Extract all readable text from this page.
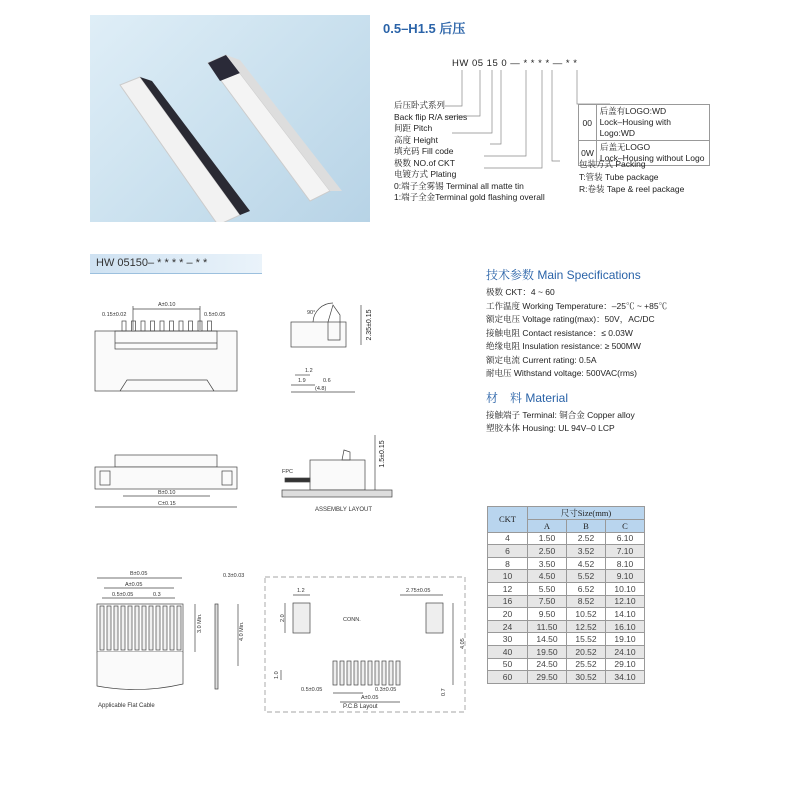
0.5–H1.5 后压
HW 05 15 0 — * * * * — * *
后压卧式系列
Back flip R/A series
间距 Pitch
高度 Height
填充码 Fill code
极数 NO.of CKT
电镀方式 Plating
0:端子全雾锡 Terminal all matte tin
1:端子全金Terminal gold flashing overall
00
后盖有LOGO:WD
Lock–Housing with Logo:WD
0W
后盖无LOGO
Lock–Housing without Logo
包装方式 Packing
T:管装 Tube package
R:卷装 Tape & reel package
HW 05150– * * * * – * *
技术参数 Main Specifications
极数 CKT：4 ~ 60
工作温度 Working Temperature：–25℃ ~ +85℃
额定电压 Voltage rating(max)：50V，AC/DC
接触电阻 Contact resistance：≤ 0.03W
绝缘电阻 Insulation resistance: ≥ 500MW
额定电流 Current rating: 0.5A
耐电压 Withstand voltage: 500VAC(rms)
材　料 Material
接触端子 Terminal: 铜合金 Copper alloy
塑胶本体 Housing: UL 94V–0 LCP
CKT	尺寸Size(mm)		
	A	B	C
4	1.50	2.52	6.10
6	2.50	3.52	7.10
8	3.50	4.52	8.10
10	4.50	5.52	9.10
12	5.50	6.52	10.10
16	7.50	8.52	12.10
20	9.50	10.52	14.10
24	11.50	12.52	16.10
30	14.50	15.52	19.10
40	19.50	20.52	24.10
50	24.50	25.52	29.10
60	29.50	30.52	34.10
A±0.10
0.15±0.02	0.5±0.05	90°	2.35±0.15
1.2
1.9	0.6
(4.8)
B±0.10
C±0.15
FPC
1.5±0.15
ASSEMBLY LAYOUT
B±0.05
A±0.05
0.5±0.05	0.3
3.0 Min.
0.3±0.03
4.0 Min.
Applicable Flat Cable
1.2	2.75±0.05
CONN.
2.0
4.05
1.0
0.7
0.5±0.05	0.3±0.05
A±0.05
P.C.B Layout
